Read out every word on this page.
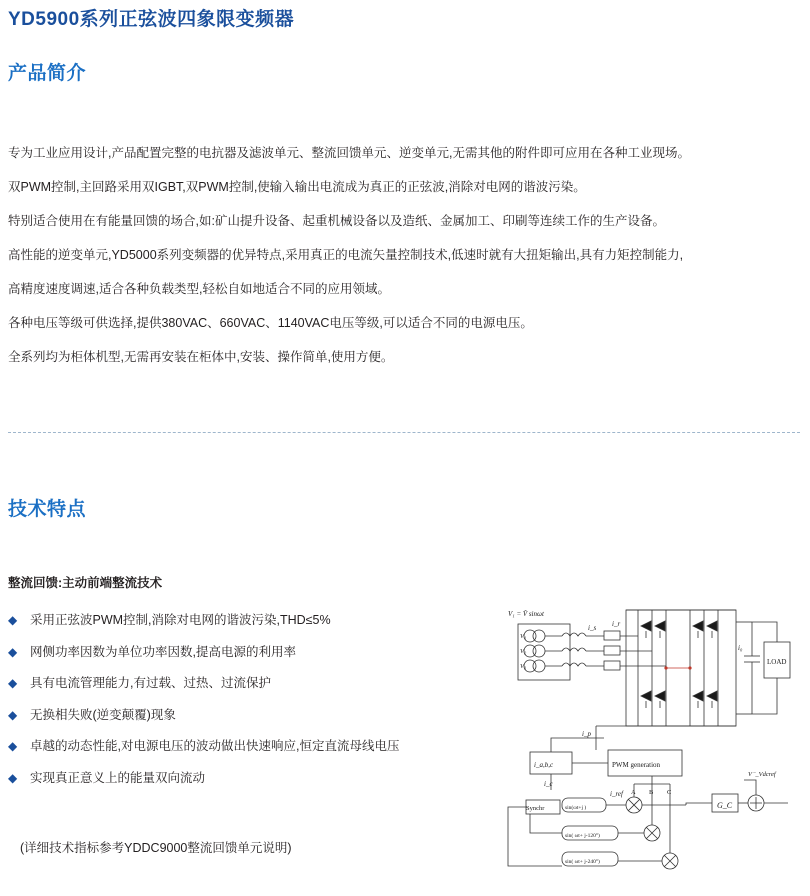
YD5900系列正弦波四象限变频器
产品简介

专为工业应用设计,产品配置完整的电抗器及滤波单元、整流回馈单元、逆变单元,无需其他的附件即可应用在各种工业现场。

双PWM控制,主回路采用双IGBT,双PWM控制,使输入输出电流成为真正的正弦波,消除对电网的谐波污染。

特别适合使用在有能量回馈的场合,如:矿山提升设备、起重机械设备以及造纸、金属加工、印刷等连续工作的生产设备。

高性能的逆变单元,YD5000系列变频器的优异特点,采用真正的电流矢量控制技术,低速时就有大扭矩输出,具有力矩控制能力,

高精度速度调速,适合各种负载类型,轻松自如地适合不同的应用领域。

各种电压等级可供选择,提供380VAC、660VAC、1140VAC电压等级,可以适合不同的电源电压。

全系列均为柜体机型,无需再安装在柜体中,安装、操作简单,使用方便。

技术特点
整流回馈:主动前端整流技术
◆	采用正弦波PWM控制,消除对电网的谐波污染,THD≤5%
◆	网侧功率因数为单位功率因数,提高电源的利用率
◆	具有电流管理能力,有过载、过热、过流保护
◆	无换相失败(逆变颠覆)现象
◆	卓越的动态性能,对电源电压的波动做出快速响应,恒定直流母线电压
◆	实现真正意义上的能量双向流动
(详细技术指标参考YDDC9000整流回馈单元说明)
V₁ = V̂ sinωt
V₁
V₂
V₃
i_s i_r
LOAD
i₀
PWM generation
i_a,b,c
i_c
i_p
i_ref
Synchr	sin(ωt+j )
sin( ωt+ j-120°)
sin( ωt+ j-240°)
G_C
V⁻_Vdcref
A B C
